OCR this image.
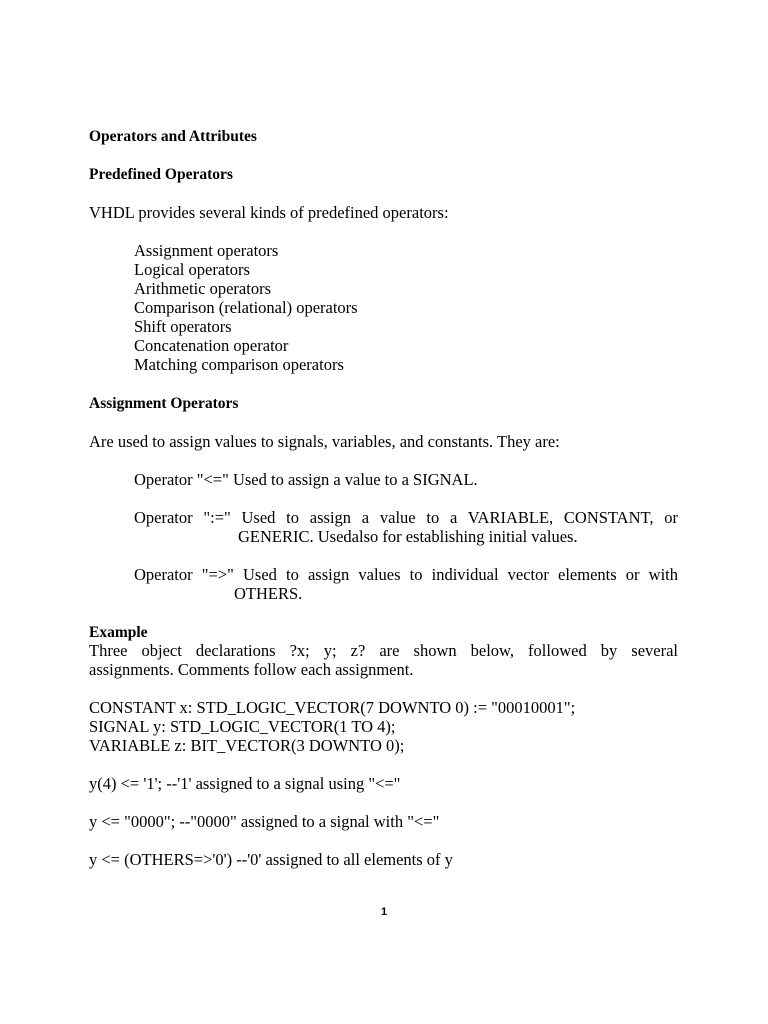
Operators and Attributes
Predefined Operators
VHDL provides several kinds of predefined operators:
Assignment operators
Logical operators
Arithmetic operators
Comparison (relational) operators
Shift operators
Concatenation operator
Matching comparison operators
Assignment Operators
Are used to assign values to signals, variables, and constants. They are:
Operator "<=" Used to assign a value to a SIGNAL.
Operator ":=" Used to assign a value to a VARIABLE, CONSTANT, or
GENERIC. Usedalso for establishing initial values.
Operator "=>" Used to assign values to individual vector elements or with
OTHERS.
Example
Three object declarations ?x; y; z? are shown below, followed by several
assignments. Comments follow each assignment.
CONSTANT x: STD_LOGIC_VECTOR(7 DOWNTO 0) := "00010001";
SIGNAL y: STD_LOGIC_VECTOR(1 TO 4);
VARIABLE z: BIT_VECTOR(3 DOWNTO 0);
y(4) <= '1'; --'1' assigned to a signal using "<="
y <= "0000"; --"0000" assigned to a signal with "<="
y <= (OTHERS=>'0') --'0' assigned to all elements of y
1
